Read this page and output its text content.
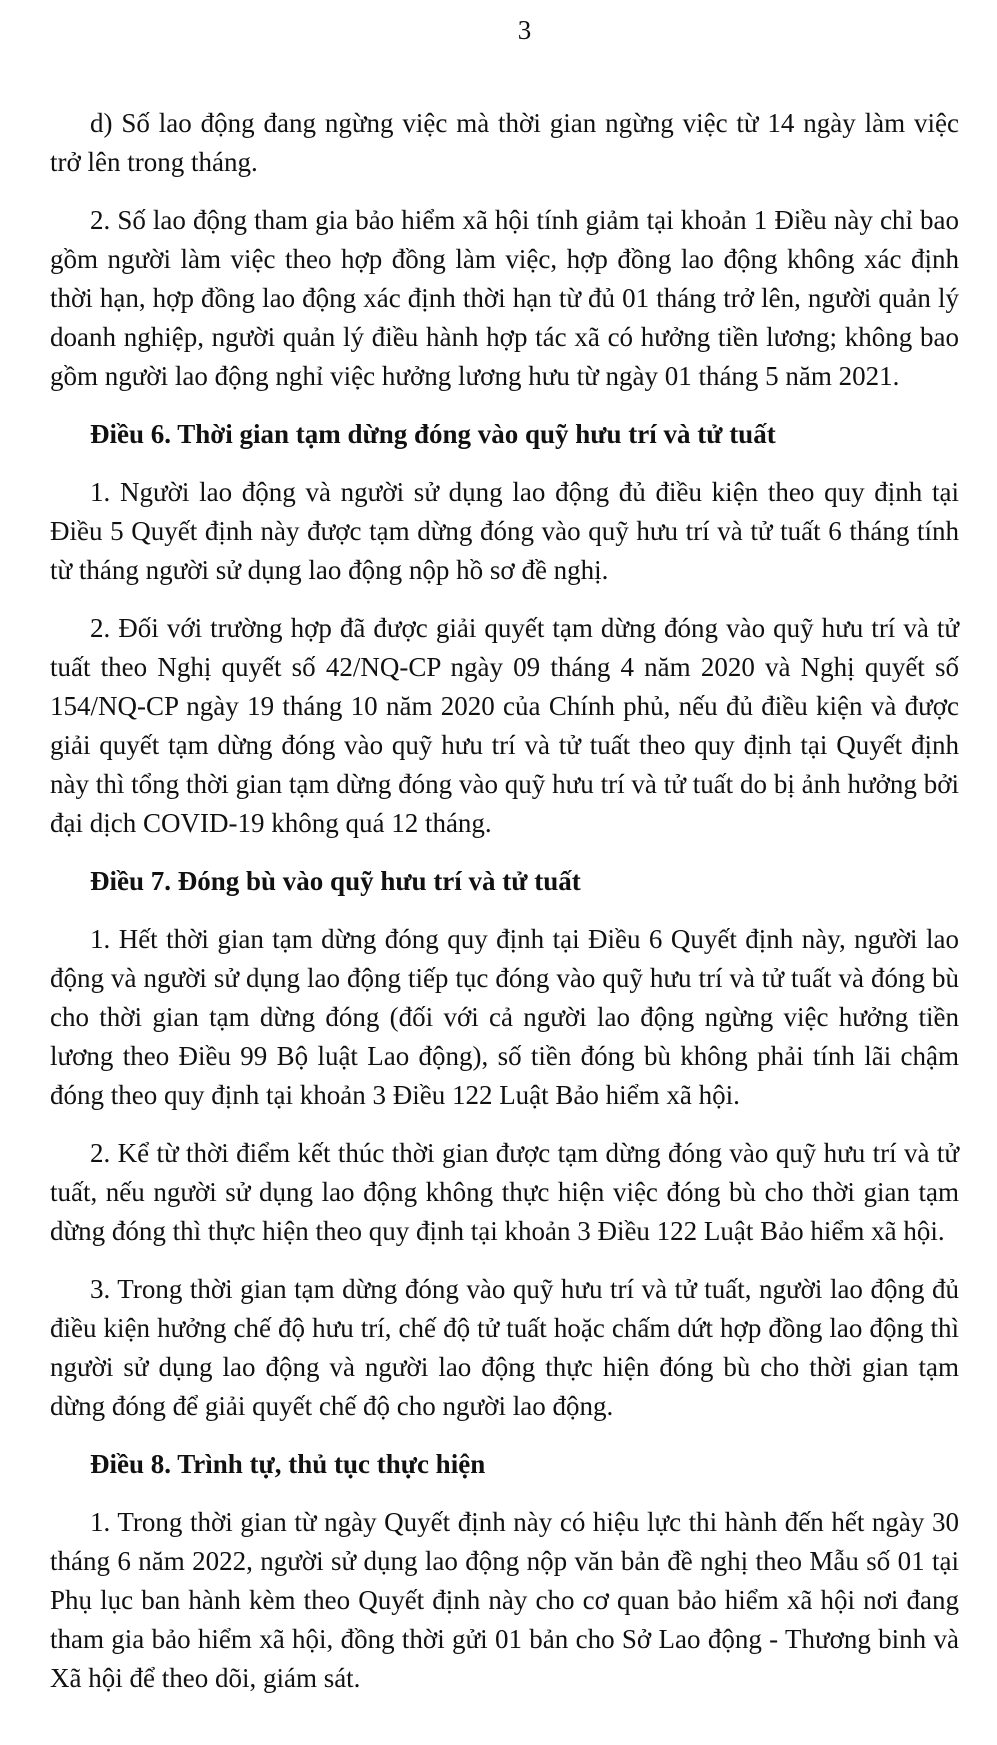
3

d) Số lao động đang ngừng việc mà thời gian ngừng việc từ 14 ngày làm việc trở lên trong tháng.

2. Số lao động tham gia bảo hiểm xã hội tính giảm tại khoản 1 Điều này chỉ bao gồm người làm việc theo hợp đồng làm việc, hợp đồng lao động không xác định thời hạn, hợp đồng lao động xác định thời hạn từ đủ 01 tháng trở lên, người quản lý doanh nghiệp, người quản lý điều hành hợp tác xã có hưởng tiền lương; không bao gồm người lao động nghỉ việc hưởng lương hưu từ ngày 01 tháng 5 năm 2021.

Điều 6. Thời gian tạm dừng đóng vào quỹ hưu trí và tử tuất

1. Người lao động và người sử dụng lao động đủ điều kiện theo quy định tại Điều 5 Quyết định này được tạm dừng đóng vào quỹ hưu trí và tử tuất 6 tháng tính từ tháng người sử dụng lao động nộp hồ sơ đề nghị.

2. Đối với trường hợp đã được giải quyết tạm dừng đóng vào quỹ hưu trí và tử tuất theo Nghị quyết số 42/NQ-CP ngày 09 tháng 4 năm 2020 và Nghị quyết số 154/NQ-CP ngày 19 tháng 10 năm 2020 của Chính phủ, nếu đủ điều kiện và được giải quyết tạm dừng đóng vào quỹ hưu trí và tử tuất theo quy định tại Quyết định này thì tổng thời gian tạm dừng đóng vào quỹ hưu trí và tử tuất do bị ảnh hưởng bởi đại dịch COVID-19 không quá 12 tháng.

Điều 7. Đóng bù vào quỹ hưu trí và tử tuất

1. Hết thời gian tạm dừng đóng quy định tại Điều 6 Quyết định này, người lao động và người sử dụng lao động tiếp tục đóng vào quỹ hưu trí và tử tuất và đóng bù cho thời gian tạm dừng đóng (đối với cả người lao động ngừng việc hưởng tiền lương theo Điều 99 Bộ luật Lao động), số tiền đóng bù không phải tính lãi chậm đóng theo quy định tại khoản 3 Điều 122 Luật Bảo hiểm xã hội.

2. Kể từ thời điểm kết thúc thời gian được tạm dừng đóng vào quỹ hưu trí và tử tuất, nếu người sử dụng lao động không thực hiện việc đóng bù cho thời gian tạm dừng đóng thì thực hiện theo quy định tại khoản 3 Điều 122 Luật Bảo hiểm xã hội.

3. Trong thời gian tạm dừng đóng vào quỹ hưu trí và tử tuất, người lao động đủ điều kiện hưởng chế độ hưu trí, chế độ tử tuất hoặc chấm dứt hợp đồng lao động thì người sử dụng lao động và người lao động thực hiện đóng bù cho thời gian tạm dừng đóng để giải quyết chế độ cho người lao động.

Điều 8. Trình tự, thủ tục thực hiện

1. Trong thời gian từ ngày Quyết định này có hiệu lực thi hành đến hết ngày 30 tháng 6 năm 2022, người sử dụng lao động nộp văn bản đề nghị theo Mẫu số 01 tại Phụ lục ban hành kèm theo Quyết định này cho cơ quan bảo hiểm xã hội nơi đang tham gia bảo hiểm xã hội, đồng thời gửi 01 bản cho Sở Lao động - Thương binh và Xã hội để theo dõi, giám sát.
